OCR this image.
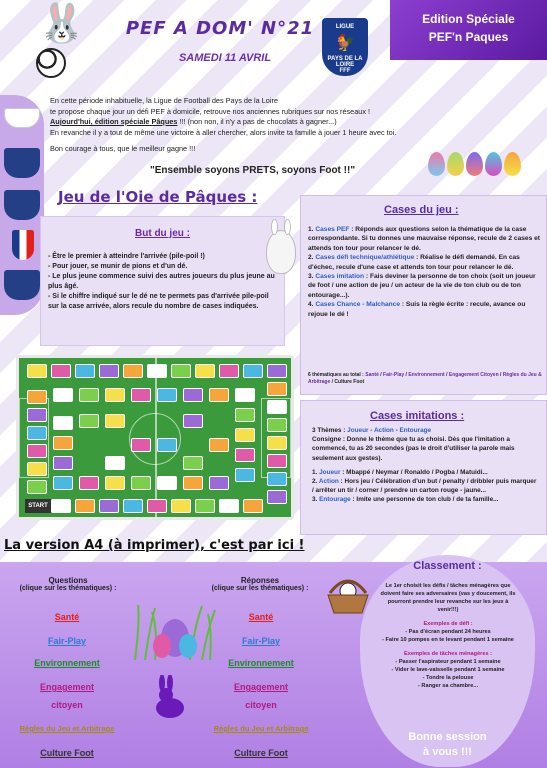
🐰	PEF A DOM' N°21
SAMEDI 11 AVRIL
LIGUE
🐓
PAYS DE LA LOIRE
FFF
Edition Spéciale
PEF'n Paques

En cette période inhabituelle, la Ligue de Football des Pays de la Loire

te propose chaque jour un défi PEF à domicile, retrouve nos anciennes rubriques sur nos réseaux !

Aujourd'hui, édition spéciale Pâques !!! (non non, il n'y a pas de chocolats à gagner...)

En revanche il y a tout de même une victoire à aller chercher, alors invite ta famille à jouer 1 heure avec toi.

Bon courage à tous, que le meilleur gagne !!!

"Ensemble soyons PRETS, soyons Foot !!"
Jeu de l'Oie de Pâques :
But du jeu :

- Être le premier à atteindre l'arrivée (pile-poil !)

- Pour jouer, se munir de pions et d'un dé.

- Le plus jeune commence suivi des autres joueurs du plus jeune au plus âgé.

- Si le chiffre indiqué sur le dé ne te permets pas d'arrivée pile-poil sur la case arrivée, alors recule du nombre de cases indiquées.

Cases du jeu :

1. Cases PEF : Réponds aux questions selon la thématique de la case correspondante. Si tu donnes une mauvaise réponse, recule de 2 cases et attends ton tour pour relancer le dé.

2. Cases défi technique/athlétique : Réalise le défi demandé. En cas d'échec, recule d'une case et attends ton tour pour relancer le dé.

3. Cases imitation : Fais deviner la personne de ton choix (soit un joueur de foot / une action de jeu / un acteur de la vie de ton club ou de ton entourage...).

4. Cases Chance - Malchance : Suis la règle écrite : recule, avance ou rejoue le dé !

6 thématiques au total : Santé / Fair-Play / Environnement / Engagement Citoyen / Règles du Jeu & Arbitrage / Culture Foot
START
Cases imitations :

3 Thèmes : Joueur - Action - Entourage

Consigne : Donne le thème que tu as choisi. Dès que l'imitation a commencé, tu as 20 secondes (pas le droit d'utiliser la parole mais seulement aux gestes).

1. Joueur : Mbappé / Neymar / Ronaldo / Pogba / Matuidi...

2. Action : Hors jeu / Célébration d'un but / penalty / dribbler puis marquer / arrêter un tir / corner / prendre un carton rouge - jaune...

3. Entourage : Imite une personne de ton club / de ta famille...

La version A4 (à imprimer), c'est par ici !
Questions
(clique sur les thématiques) :
Santé
Fair-Play
Environnement
Engagement
citoyen
Règles du Jeu et Arbitrage
Culture Foot
Réponses
(clique sur les thématiques) :
Santé
Fair-Play
Environnement
Engagement
citoyen
Règles du Jeu et Arbitrage
Culture Foot
Classement :

Le 1er choisit les défis / tâches ménagères que doivent faire ses adversaires (vas y doucement, ils pourront prendre leur revanche sur les jeux à venir!!!)

Exemples de défi :

- Pas d'écran pendant 24 heures

- Faire 10 pompes en te levant pendant 1 semaine

Exemples de tâches ménagères :

- Passer l'aspirateur pendant 1 semaine

- Vider le lave-vaisselle pendant 1 semaine

- Tondre la pelouse

- Ranger sa chambre...

Bonne session
à vous !!!
